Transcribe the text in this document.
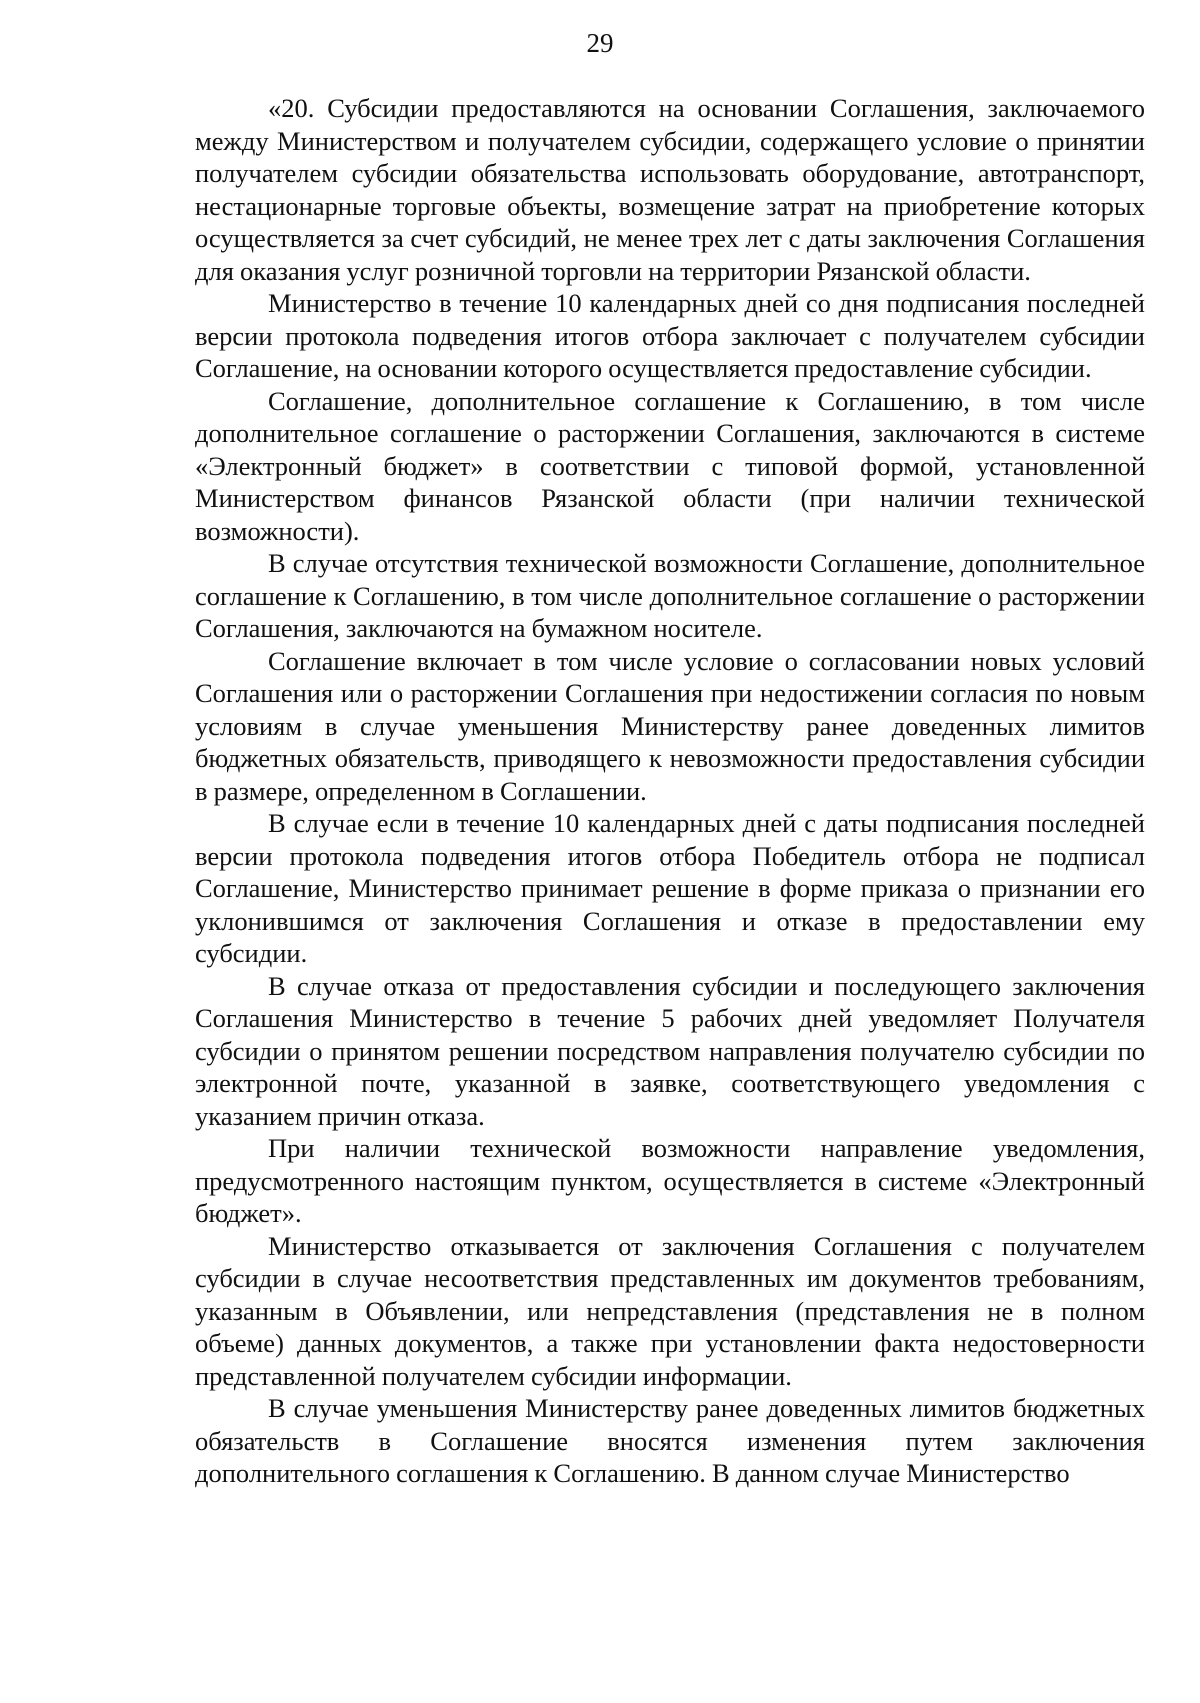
29

«20. Субсидии предоставляются на основании Соглашения, заключаемого между Министерством и получателем субсидии, содержащего условие о принятии получателем субсидии обязательства использовать оборудование, автотранспорт, нестационарные торговые объекты, возмещение затрат на приобретение которых осуществляется за счет субсидий, не менее трех лет с даты заключения Соглашения для оказания услуг розничной торговли на территории Рязанской области.

Министерство в течение 10 календарных дней со дня подписания последней версии протокола подведения итогов отбора заключает с получателем субсидии Соглашение, на основании которого осуществляется предоставление субсидии.

Соглашение, дополнительное соглашение к Соглашению, в том числе дополнительное соглашение о расторжении Соглашения, заключаются в системе «Электронный бюджет» в соответствии с типовой формой, установленной Министерством финансов Рязанской области (при наличии технической возможности).

В случае отсутствия технической возможности Соглашение, дополнительное соглашение к Соглашению, в том числе дополнительное соглашение о расторжении Соглашения, заключаются на бумажном носителе.

Соглашение включает в том числе условие о согласовании новых условий Соглашения или о расторжении Соглашения при недостижении согласия по новым условиям в случае уменьшения Министерству ранее доведенных лимитов бюджетных обязательств, приводящего к невозможности предоставления субсидии в размере, определенном в Соглашении.

В случае если в течение 10 календарных дней с даты подписания последней версии протокола подведения итогов отбора Победитель отбора не подписал Соглашение, Министерство принимает решение в форме приказа о признании его уклонившимся от заключения Соглашения и отказе в предоставлении ему субсидии.

В случае отказа от предоставления субсидии и последующего заключения Соглашения Министерство в течение 5 рабочих дней уведомляет Получателя субсидии о принятом решении посредством направления получателю субсидии по электронной почте, указанной в заявке, соответствующего уведомления с указанием причин отказа.

При наличии технической возможности направление уведомления, предусмотренного настоящим пунктом, осуществляется в системе «Электронный бюджет».

Министерство отказывается от заключения Соглашения с получателем субсидии в случае несоответствия представленных им документов требованиям, указанным в Объявлении, или непредставления (представления не в полном объеме) данных документов, а также при установлении факта недостоверности представленной получателем субсидии информации.

В случае уменьшения Министерству ранее доведенных лимитов бюджетных обязательств в Соглашение вносятся изменения путем заключения дополнительного соглашения к Соглашению. В данном случае Министерство
